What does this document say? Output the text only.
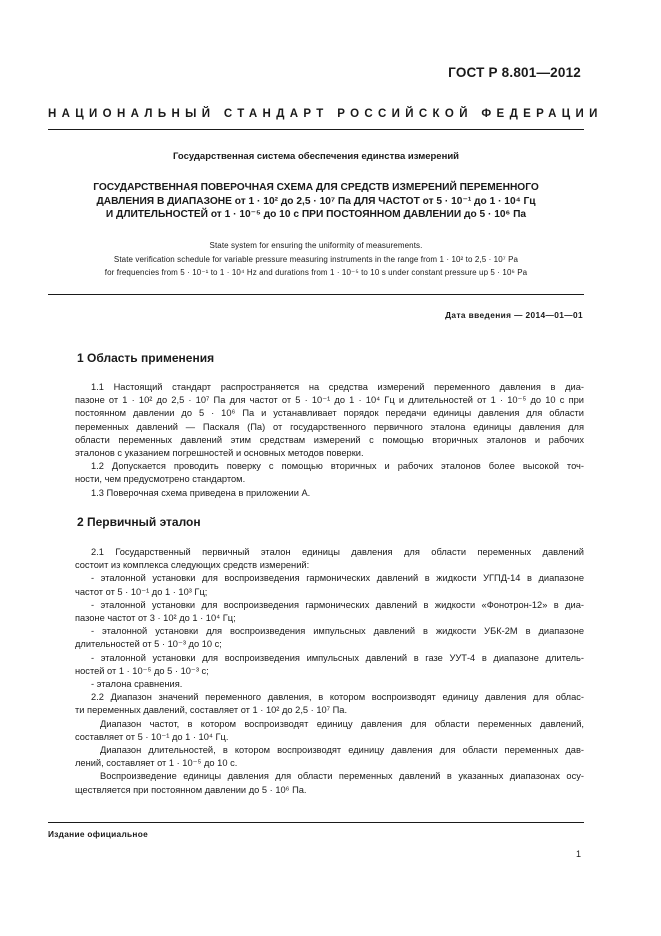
ГОСТ Р 8.801—2012
НАЦИОНАЛЬНЫЙ СТАНДАРТ РОССИЙСКОЙ ФЕДЕРАЦИИ
Государственная система обеспечения единства измерений
ГОСУДАРСТВЕННАЯ ПОВЕРОЧНАЯ СХЕМА ДЛЯ СРЕДСТВ ИЗМЕРЕНИЙ ПЕРЕМЕННОГО
ДАВЛЕНИЯ В ДИАПАЗОНЕ от 1 · 10² до 2,5 · 10⁷ Па ДЛЯ ЧАСТОТ от 5 · 10⁻¹ до 1 · 10⁴ Гц
И ДЛИТЕЛЬНОСТЕЙ от 1 · 10⁻⁵ до 10 с ПРИ ПОСТОЯННОМ ДАВЛЕНИИ до 5 · 10⁶ Па
State system for ensuring the uniformity of measurements.
State verification schedule for variable pressure measuring instruments in the range from 1 · 10² to 2,5 · 10⁷ Pa
for frequencies from 5 · 10⁻¹ to 1 · 10⁴ Hz and durations from 1 · 10⁻⁵ to 10 s under constant pressure up 5 · 10⁶ Pa
Дата введения — 2014—01—01
1 Область применения
1.1 Настоящий стандарт распространяется на средства измерений переменного давления в диа-
пазоне от 1 · 10² до 2,5 · 10⁷ Па для частот от 5 · 10⁻¹ до 1 · 10⁴ Гц и длительностей от 1 · 10⁻⁵ до 10 с при
постоянном давлении до 5 · 10⁶ Па и устанавливает порядок передачи единицы давления для области
переменных давлений — Паскаля (Па) от государственного первичного эталона единицы давления для
области переменных давлений этим средствам измерений с помощью вторичных эталонов и рабочих
эталонов с указанием погрешностей и основных методов поверки.
1.2 Допускается проводить поверку с помощью вторичных и рабочих эталонов более высокой точ-
ности, чем предусмотрено стандартом.
1.3 Поверочная схема приведена в приложении А.
2 Первичный эталон
2.1 Государственный первичный эталон единицы давления для области переменных давлений
состоит из комплекса следующих средств измерений:
- эталонной установки для воспроизведения гармонических давлений в жидкости УГПД-14 в диапазоне
частот от 5 · 10⁻¹ до 1 · 10³ Гц;
- эталонной установки для воспроизведения гармонических давлений в жидкости «Фонотрон-12» в диа-
пазоне частот от 3 · 10² до 1 · 10⁴ Гц;
- эталонной установки для воспроизведения импульсных давлений в жидкости УБК-2М в диапазоне
длительностей от 5 · 10⁻³ до 10 с;
- эталонной установки для воспроизведения импульсных давлений в газе УУТ-4 в диапазоне длитель-
ностей от 1 · 10⁻⁵ до 5 · 10⁻³ с;
- эталона сравнения.
2.2 Диапазон значений переменного давления, в котором воспроизводят единицу давления для облас-
ти переменных давлений, составляет от 1 · 10² до 2,5 · 10⁷ Па.
Диапазон частот, в котором воспроизводят единицу давления для области переменных давлений,
составляет от 5 · 10⁻¹ до 1 · 10⁴ Гц.
Диапазон длительностей, в котором воспроизводят единицу давления для области переменных дав-
лений, составляет от 1 · 10⁻⁵ до 10 с.
Воспроизведение единицы давления для области переменных давлений в указанных диапазонах осу-
ществляется при постоянном давлении до 5 · 10⁶ Па.
Издание официальное
1
